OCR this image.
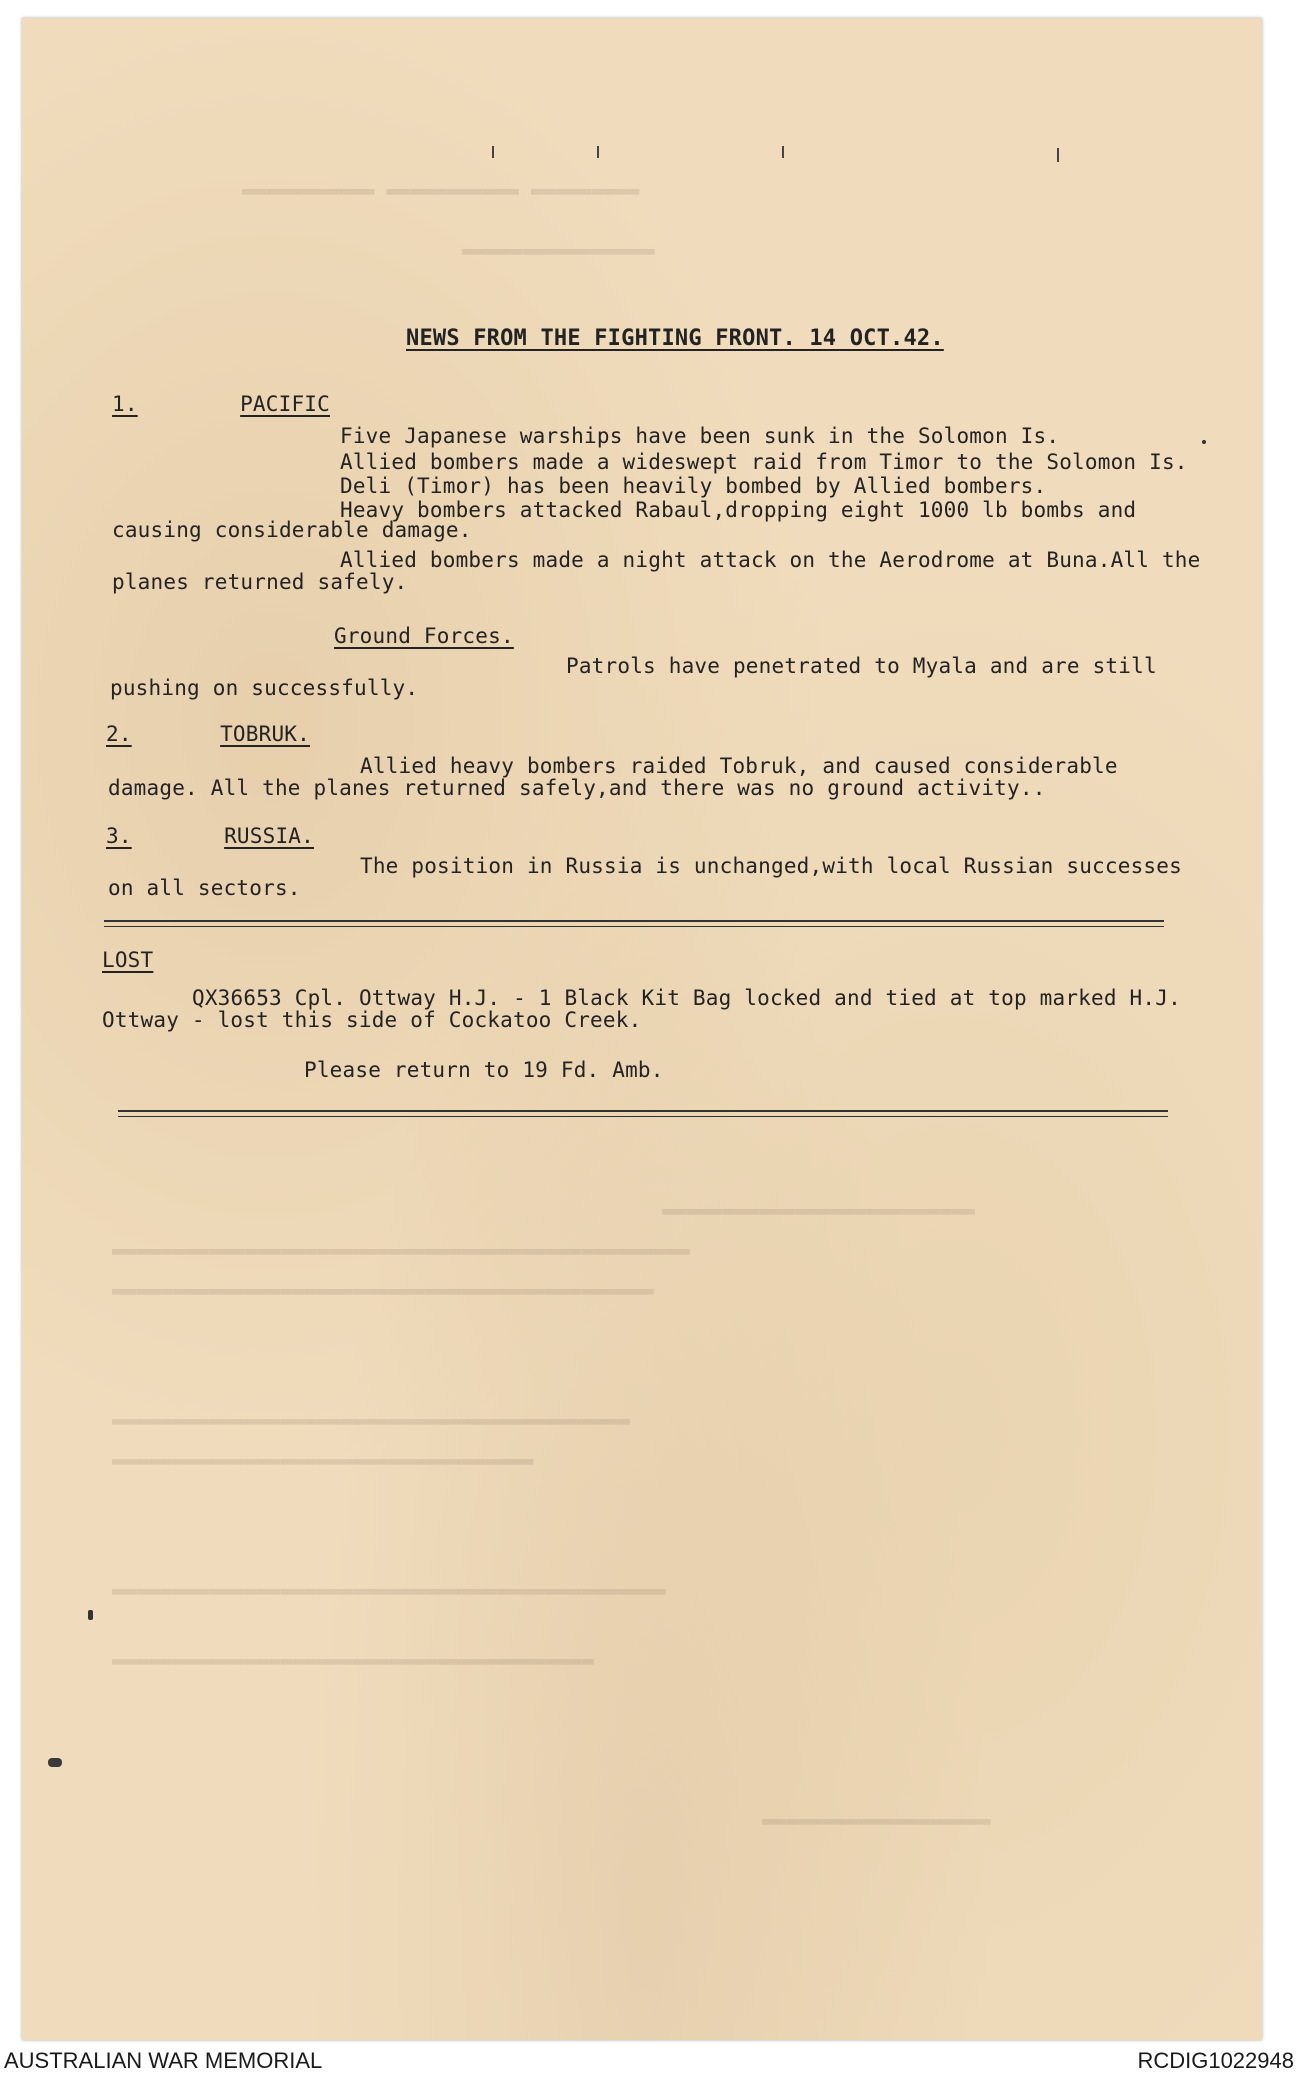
▬▬▬▬▬▬▬▬▬▬▬ ▬▬▬▬▬▬▬▬▬▬▬ ▬▬▬▬▬▬▬▬▬
▬▬▬▬▬▬▬▬▬▬▬▬▬▬▬▬
▬▬▬▬▬▬▬▬▬▬▬▬▬▬▬▬▬▬▬▬▬▬▬▬▬▬
▬▬▬▬▬▬▬▬▬▬▬▬▬▬▬▬▬▬▬▬▬▬▬▬▬▬▬▬▬▬▬▬▬▬▬▬▬▬▬▬▬▬▬▬▬▬▬▬
▬▬▬▬▬▬▬▬▬▬▬▬▬▬▬▬▬▬▬▬▬▬▬▬▬▬▬▬▬▬▬▬▬▬▬▬▬▬▬▬▬▬▬▬▬
▬▬▬▬▬▬▬▬▬▬▬▬▬▬▬▬▬▬▬▬▬▬▬▬▬▬▬▬▬▬▬▬▬▬▬▬▬▬▬▬▬▬▬
▬▬▬▬▬▬▬▬▬▬▬▬▬▬▬▬▬▬▬▬▬▬▬▬▬▬▬▬▬▬▬▬▬▬▬
▬▬▬▬▬▬▬▬▬▬▬▬▬▬▬▬▬▬▬▬▬▬▬▬▬▬▬▬▬▬▬▬▬▬▬▬▬▬▬▬▬▬▬▬▬▬
▬▬▬▬▬▬▬▬▬▬▬▬▬▬▬▬▬▬▬▬▬▬▬▬▬▬▬▬▬▬▬▬▬▬▬▬▬▬▬▬
▬▬▬▬▬▬▬▬▬▬▬▬▬▬▬▬▬▬▬
NEWS FROM THE FIGHTING FRONT. 14 OCT.42.
1.	PACIFIC
Five Japanese warships have been sunk in the Solomon Is.
Allied bombers made a wideswept raid from Timor to the Solomon Is.
Deli (Timor) has been heavily bombed by Allied bombers.
Heavy bombers attacked Rabaul,dropping eight 1000 lb bombs and
causing considerable damage.
Allied bombers made a night attack on the Aerodrome at Buna.All the
planes returned safely.
Ground Forces.
Patrols have penetrated to Myala and are still
pushing on successfully.
2.	TOBRUK.
Allied heavy bombers raided Tobruk, and caused considerable
damage. All the planes returned safely,and there was no ground activity..
3.	RUSSIA.
The position in Russia is unchanged,with local Russian successes
on all sectors.
LOST
QX36653 Cpl. Ottway H.J. - 1 Black Kit Bag locked and tied at top marked H.J.
Ottway - lost this side of Cockatoo Creek.
Please return to 19 Fd. Amb.
AUSTRALIAN WAR MEMORIAL	RCDIG1022948
